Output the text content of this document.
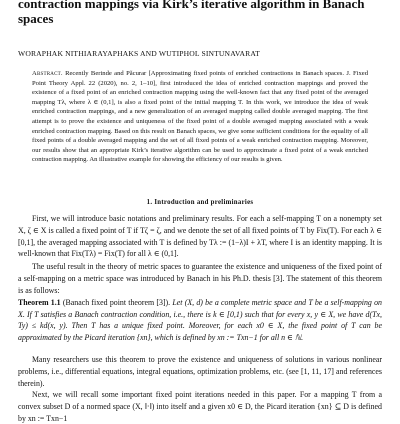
contraction mappings via Kirk’s iterative algorithm in Banach spaces

WORAPHAK NITHIARAYAPHAKS AND WUTIPHOL SINTUNAVARAT

Abstract. Recently Berinde and Păcurar [Approximating fixed points of enriched contractions in Banach spaces. J. Fixed Point Theory Appl. 22 (2020), no. 2, 1–10], first introduced the idea of enriched contraction mappings and proved the existence of a fixed point of an enriched contraction mapping using the well-known fact that any fixed point of the averaged mapping Tλ, where λ ∈ (0,1], is also a fixed point of the initial mapping T. In this work, we introduce the idea of weak enriched contraction mappings, and a new generalization of an averaged mapping called double averaged mapping. The first attempt is to prove the existence and uniqueness of the fixed point of a double averaged mapping associated with a weak enriched contraction mapping. Based on this result on Banach spaces, we give some sufficient conditions for the equality of all fixed points of a double averaged mapping and the set of all fixed points of a weak enriched contraction mapping. Moreover, our results show that an appropriate Kirk’s iterative algorithm can be used to approximate a fixed point of a weak enriched contraction mapping. An illustrative example for showing the efficiency of our results is given.

1. Introduction and preliminaries

First, we will introduce basic notations and preliminary results. For each a self-mapping T on a nonempty set X, ζ ∈ X is called a fixed point of T if Tζ = ζ, and we denote the set of all fixed points of T by Fix(T). For each λ ∈ [0,1], the averaged mapping associated with T is defined by Tλ := (1−λ)I + λT, where I is an identity mapping. It is well-known that Fix(Tλ) = Fix(T) for all λ ∈ (0,1].

The useful result in the theory of metric spaces to guarantee the existence and uniqueness of the fixed point of a self-mapping on a metric space was introduced by Banach in his Ph.D. thesis [3]. The statement of this theorem is as follows:

Theorem 1.1 (Banach fixed point theorem [3]). Let (X, d) be a complete metric space and T be a self-mapping on X. If T satisfies a Banach contraction condition, i.e., there is k ∈ [0,1) such that for every x, y ∈ X, we have d(Tx, Ty) ≤ kd(x, y). Then T has a unique fixed point. Moreover, for each x0 ∈ X, the fixed point of T can be approximated by the Picard iteration {xn}, which is defined by xn := Txn−1 for all n ∈ ℕ.

Many researchers use this theorem to prove the existence and uniqueness of solutions in various nonlinear problems, i.e., differential equations, integral equations, optimization problems, etc. (see [1, 11, 17] and references therein).

Next, we will recall some important fixed point iterations needed in this paper. For a mapping T from a convex subset D of a normed space (X, ‖·‖) into itself and a given x0 ∈ D, the Picard iteration {xn} ⊆ D is defined by xn := Txn−1
